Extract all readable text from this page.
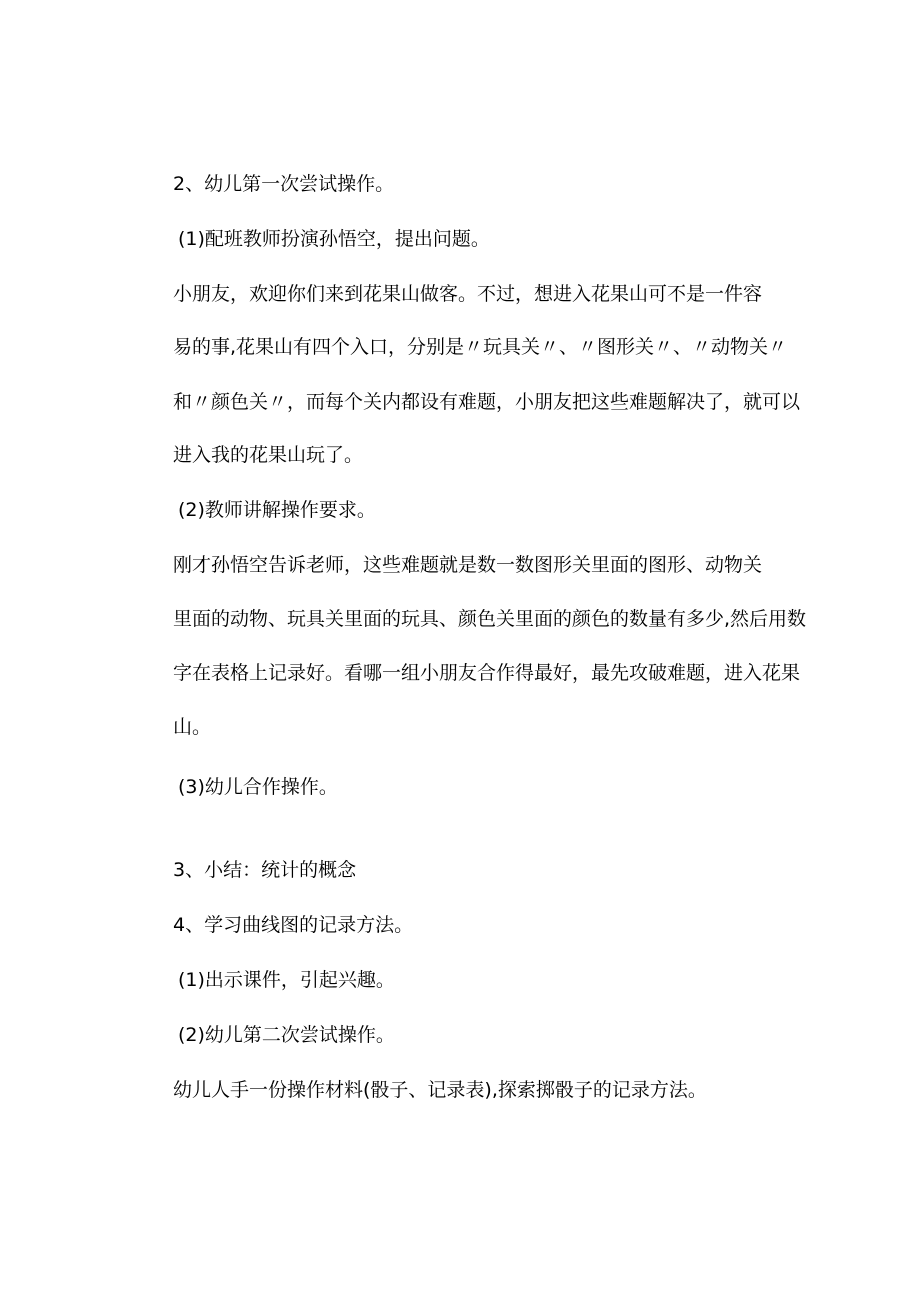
2、幼儿第一次尝试操作。
(1)配班教师扮演孙悟空，提出问题。
小朋友，欢迎你们来到花果山做客。不过，想进入花果山可不是一件容
易的事,花果山有四个入口，分别是〃玩具关〃、〃图形关〃、〃动物关〃
和〃颜色关〃，而每个关内都设有难题，小朋友把这些难题解决了，就可以
进入我的花果山玩了。
(2)教师讲解操作要求。
刚才孙悟空告诉老师，这些难题就是数一数图形关里面的图形、动物关
里面的动物、玩具关里面的玩具、颜色关里面的颜色的数量有多少,然后用数
字在表格上记录好。看哪一组小朋友合作得最好，最先攻破难题，进入花果
山。
(3)幼儿合作操作。
3、小结：统计的概念
4、学习曲线图的记录方法。
(1)出示课件，引起兴趣。
(2)幼儿第二次尝试操作。
幼儿人手一份操作材料(骰子、记录表),探索掷骰子的记录方法。
